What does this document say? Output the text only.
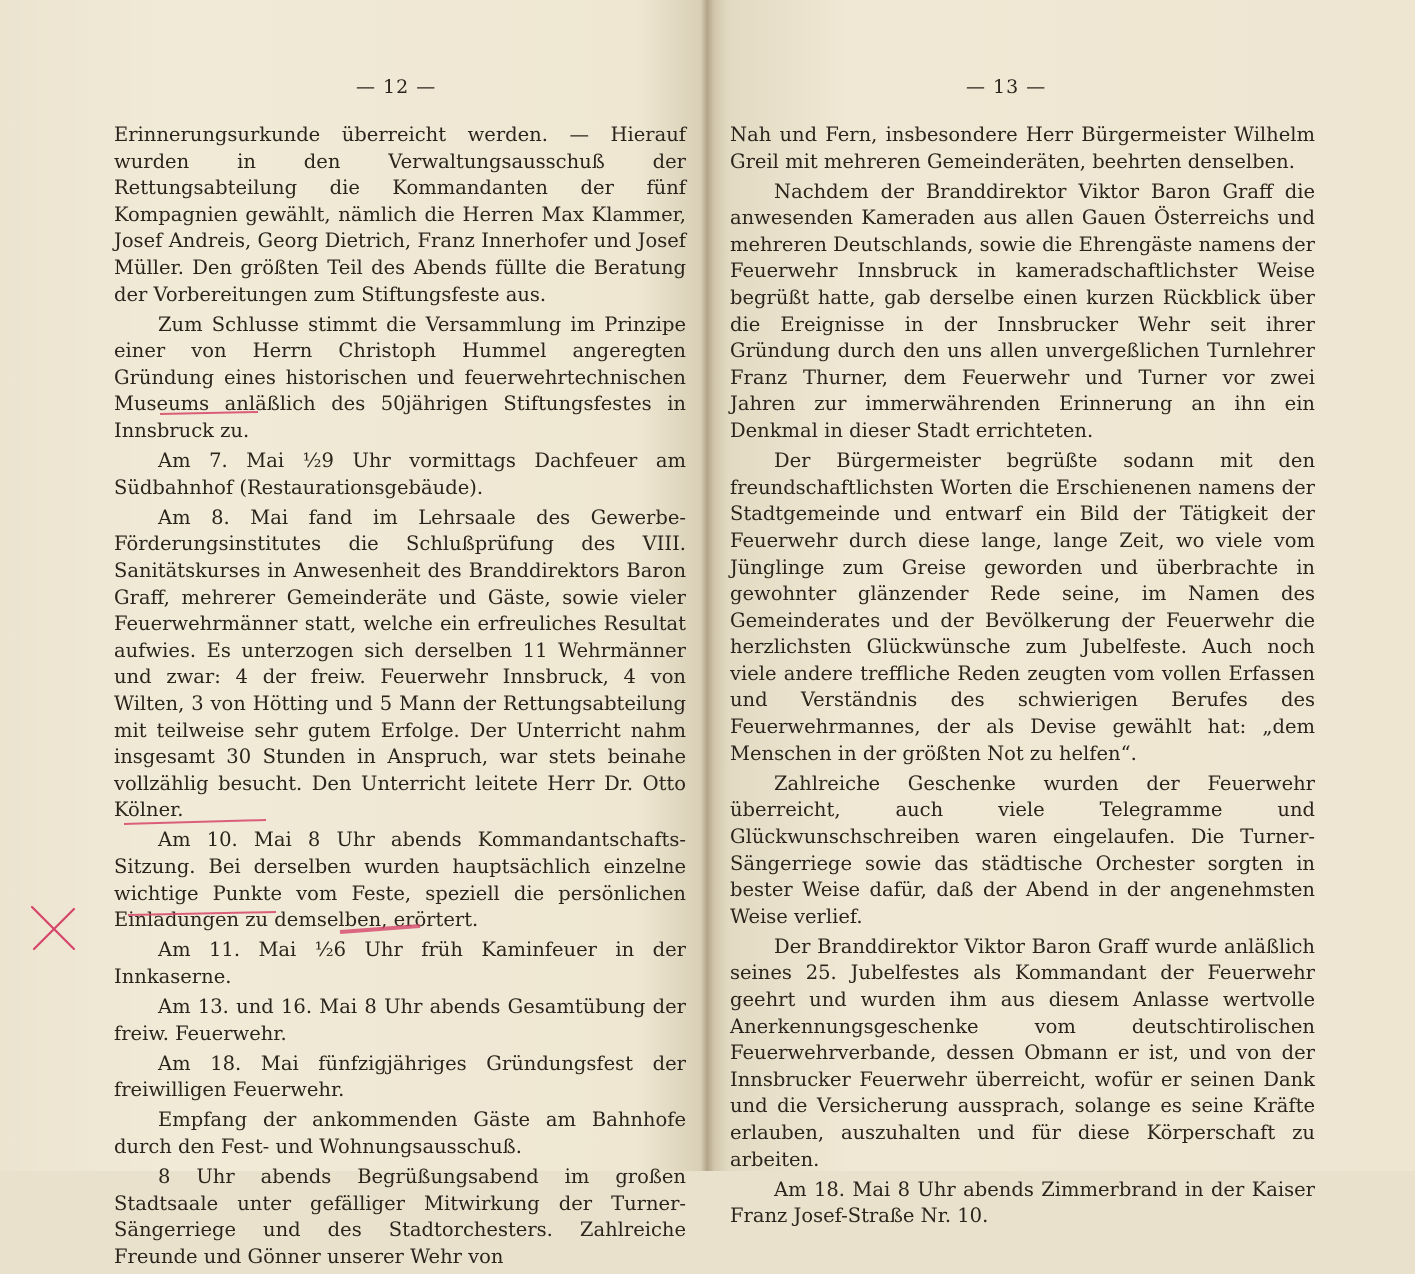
— 12 —

Erinnerungsurkunde überreicht werden. — Hierauf wurden in den Verwaltungsausschuß der Rettungsabteilung die Kommandanten der fünf Kompagnien gewählt, nämlich die Herren Max Klammer, Josef Andreis, Georg Dietrich, Franz Innerhofer und Josef Müller. Den größten Teil des Abends füllte die Beratung der Vorbereitungen zum Stiftungsfeste aus.

Zum Schlusse stimmt die Versammlung im Prinzipe einer von Herrn Christoph Hummel angeregten Gründung eines historischen und feuerwehrtechnischen Museums anläßlich des 50jährigen Stiftungsfestes in Innsbruck zu.

Am 7. Mai ½9 Uhr vormittags Dachfeuer am Südbahnhof (Restaurationsgebäude).

Am 8. Mai fand im Lehrsaale des Gewerbe-Förderungsinstitutes die Schlußprüfung des VIII. Sanitätskurses in Anwesenheit des Branddirektors Baron Graff, mehrerer Gemeinderäte und Gäste, sowie vieler Feuerwehrmänner statt, welche ein erfreuliches Resultat aufwies. Es unterzogen sich derselben 11 Wehrmänner und zwar: 4 der freiw. Feuerwehr Innsbruck, 4 von Wilten, 3 von Hötting und 5 Mann der Rettungsabteilung mit teilweise sehr gutem Erfolge. Der Unterricht nahm insgesamt 30 Stunden in Anspruch, war stets beinahe vollzählig besucht. Den Unterricht leitete Herr Dr. Otto Kölner.

Am 10. Mai 8 Uhr abends Kommandantschafts-Sitzung. Bei derselben wurden hauptsächlich einzelne wichtige Punkte vom Feste, speziell die persönlichen Einladungen zu demselben, erörtert.

Am 11. Mai ½6 Uhr früh Kaminfeuer in der Innkaserne.

Am 13. und 16. Mai 8 Uhr abends Gesamtübung der freiw. Feuerwehr.

Am 18. Mai fünfzigjähriges Gründungsfest der freiwilligen Feuerwehr.

Empfang der ankommenden Gäste am Bahnhofe durch den Fest- und Wohnungsausschuß.

8 Uhr abends Begrüßungsabend im großen Stadtsaale unter gefälliger Mitwirkung der Turner-Sängerriege und des Stadtorchesters. Zahlreiche Freunde und Gönner unserer Wehr von

— 13 —

Nah und Fern, insbesondere Herr Bürgermeister Wilhelm Greil mit mehreren Gemeinderäten, beehrten denselben.

Nachdem der Branddirektor Viktor Baron Graff die anwesenden Kameraden aus allen Gauen Österreichs und mehreren Deutschlands, sowie die Ehrengäste namens der Feuerwehr Innsbruck in kameradschaftlichster Weise begrüßt hatte, gab derselbe einen kurzen Rückblick über die Ereignisse in der Innsbrucker Wehr seit ihrer Gründung durch den uns allen unvergeßlichen Turnlehrer Franz Thurner, dem Feuerwehr und Turner vor zwei Jahren zur immerwährenden Erinnerung an ihn ein Denkmal in dieser Stadt errichteten.

Der Bürgermeister begrüßte sodann mit den freundschaftlichsten Worten die Erschienenen namens der Stadtgemeinde und entwarf ein Bild der Tätigkeit der Feuerwehr durch diese lange, lange Zeit, wo viele vom Jünglinge zum Greise geworden und überbrachte in gewohnter glänzender Rede seine, im Namen des Gemeinderates und der Bevölkerung der Feuerwehr die herzlichsten Glückwünsche zum Jubelfeste. Auch noch viele andere treffliche Reden zeugten vom vollen Erfassen und Verständnis des schwierigen Berufes des Feuerwehrmannes, der als Devise gewählt hat: „dem Menschen in der größten Not zu helfen“.

Zahlreiche Geschenke wurden der Feuerwehr überreicht, auch viele Telegramme und Glückwunschschreiben waren eingelaufen. Die Turner-Sängerriege sowie das städtische Orchester sorgten in bester Weise dafür, daß der Abend in der angenehmsten Weise verlief.

Der Branddirektor Viktor Baron Graff wurde anläßlich seines 25. Jubelfestes als Kommandant der Feuerwehr geehrt und wurden ihm aus diesem Anlasse wertvolle Anerkennungsgeschenke vom deutschtirolischen Feuerwehrverbande, dessen Obmann er ist, und von der Innsbrucker Feuerwehr überreicht, wofür er seinen Dank und die Versicherung aussprach, solange es seine Kräfte erlauben, auszuhalten und für diese Körperschaft zu arbeiten.

Am 18. Mai 8 Uhr abends Zimmerbrand in der Kaiser Franz Josef-Straße Nr. 10.
